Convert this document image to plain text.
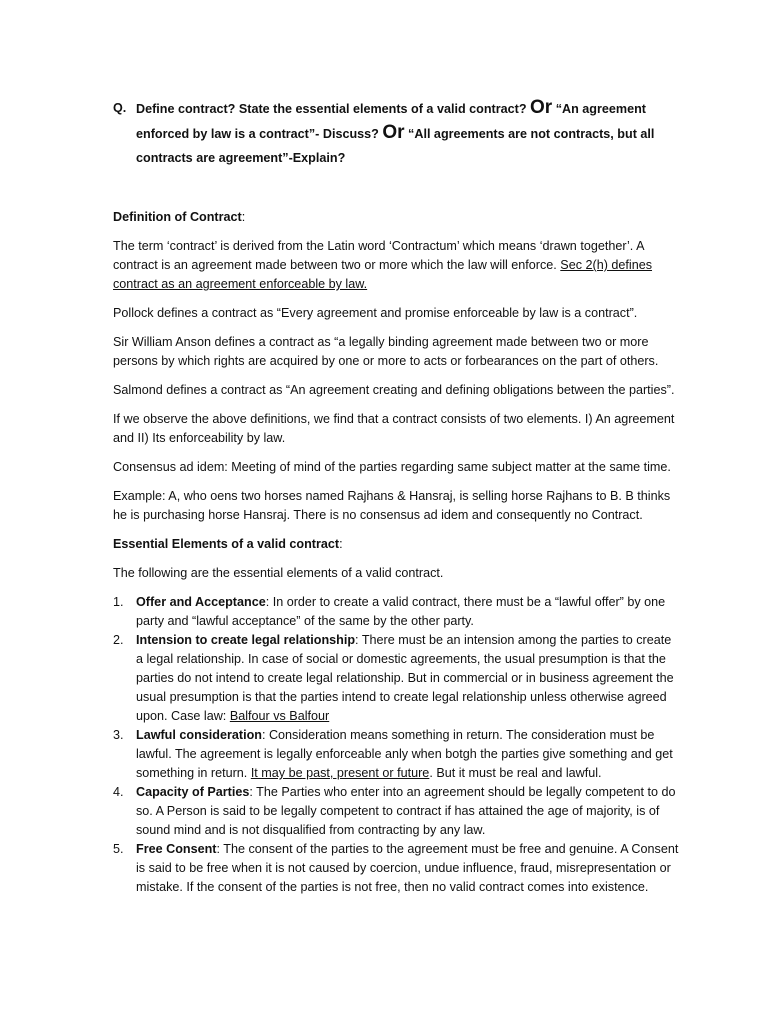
Q. Define contract? State the essential elements of a valid contract? Or “An agreement enforced by law is a contract”- Discuss? Or “All agreements are not contracts, but all contracts are agreement”-Explain?

Definition of Contract:

The term ‘contract’ is derived from the Latin word ‘Contractum’ which means ‘drawn together’. A contract is an agreement made between two or more which the law will enforce. Sec 2(h) defines contract as an agreement enforceable by law.

Pollock defines a contract as “Every agreement and promise enforceable by law is a contract”.

Sir William Anson defines a contract as “a legally binding agreement made between two or more persons by which rights are acquired by one or more to acts or forbearances on the part of others.

Salmond defines a contract as “An agreement creating and defining obligations between the parties”.

If we observe the above definitions, we find that a contract consists of two elements. I) An agreement and II) Its enforceability by law.

Consensus ad idem: Meeting of mind of the parties regarding same subject matter at the same time.

Example: A, who oens two horses named Rajhans & Hansraj, is selling horse Rajhans to B. B thinks he is purchasing horse Hansraj. There is no consensus ad idem and consequently no Contract.

Essential Elements of a valid contract:

The following are the essential elements of a valid contract.

1. Offer and Acceptance: In order to create a valid contract, there must be a “lawful offer” by one party and “lawful acceptance” of the same by the other party.
2. Intension to create legal relationship: There must be an intension among the parties to create a legal relationship. In case of social or domestic agreements, the usual presumption is that the parties do not intend to create legal relationship. But in commercial or in business agreement the usual presumption is that the parties intend to create legal relationship unless otherwise agreed upon. Case law: Balfour vs Balfour
3. Lawful consideration: Consideration means something in return. The consideration must be lawful. The agreement is legally enforceable anly when botgh the parties give something and get something in return. It may be past, present or future. But it must be real and lawful.
4. Capacity of Parties: The Parties who enter into an agreement should be legally competent to do so. A Person is said to be legally competent to contract if has attained the age of majority, is of sound mind and is not disqualified from contracting by any law.
5. Free Consent: The consent of the parties to the agreement must be free and genuine. A Consent is said to be free when it is not caused by coercion, undue influence, fraud, misrepresentation or mistake. If the consent of the parties is not free, then no valid contract comes into existence.
